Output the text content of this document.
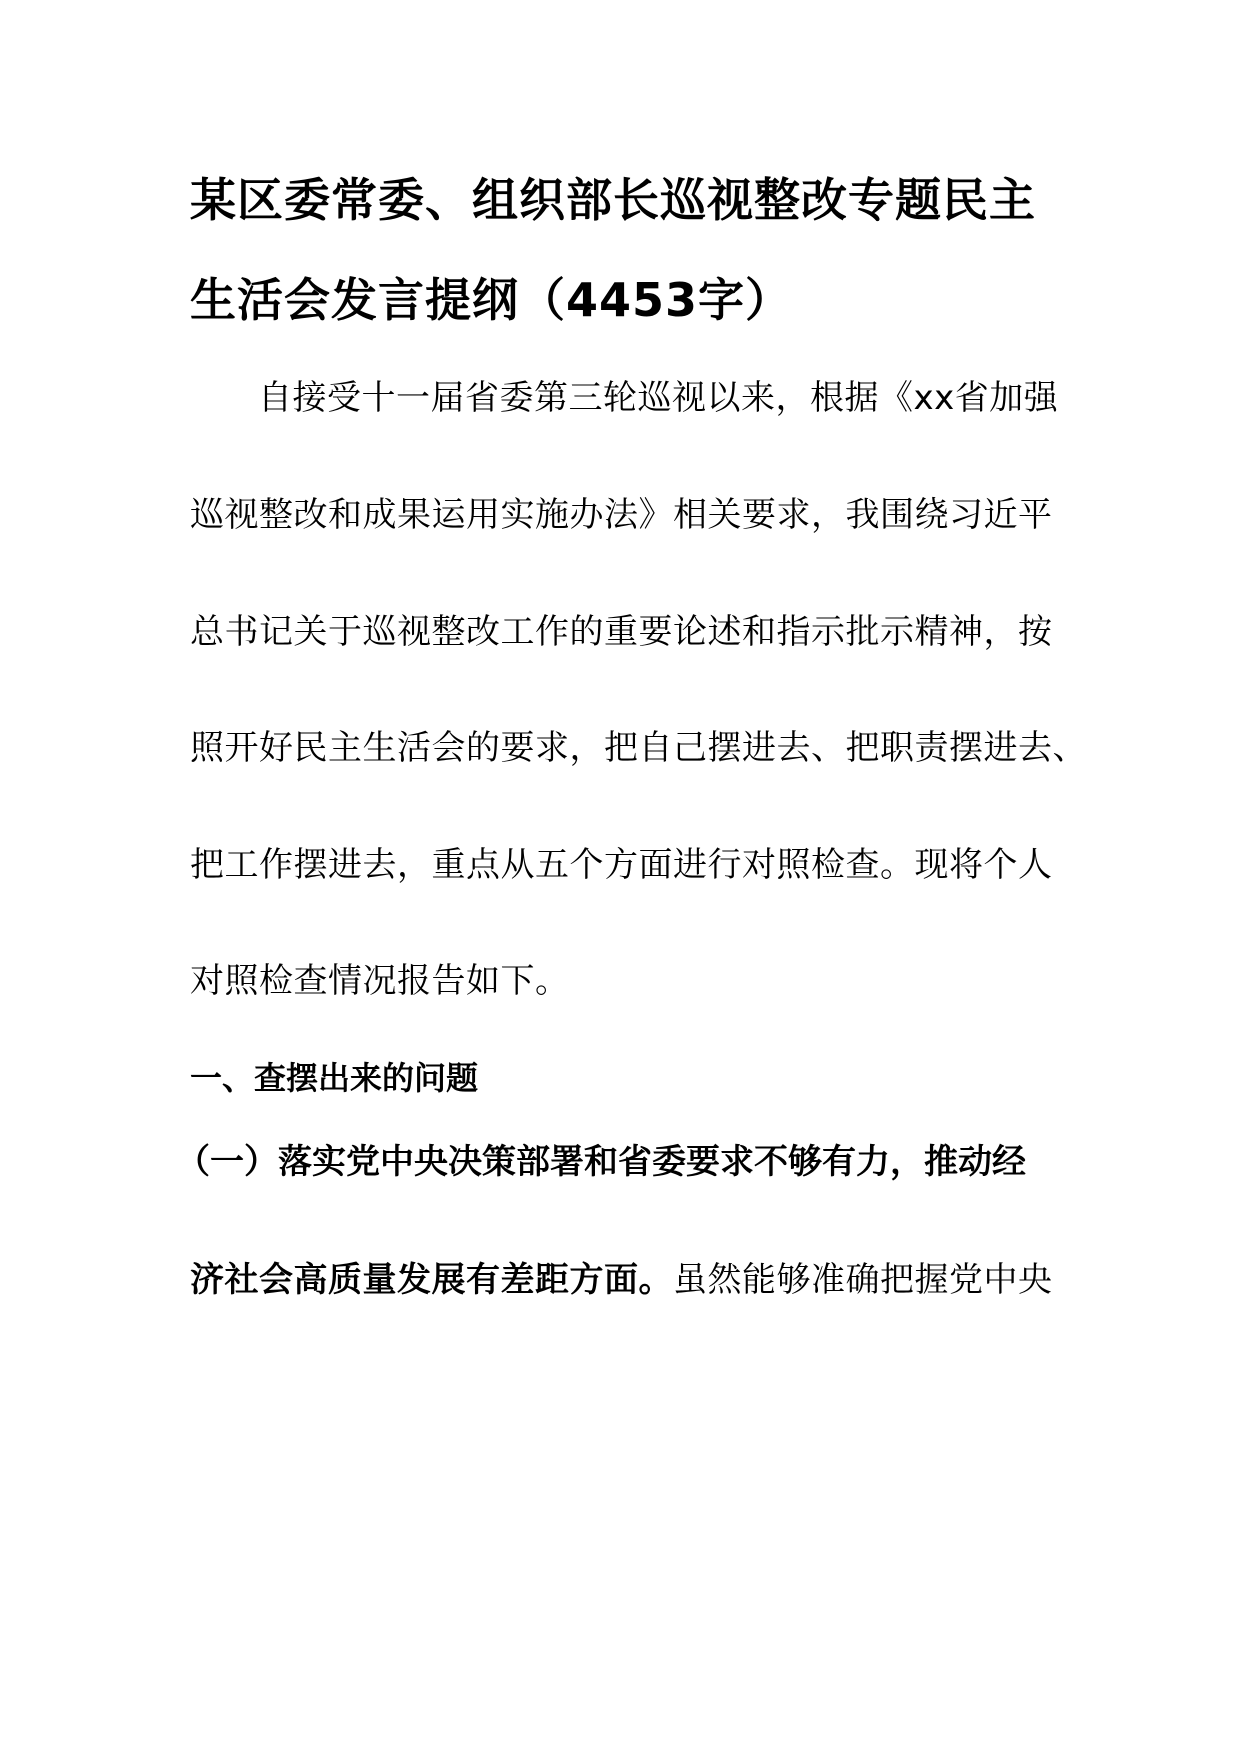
某区委常委、组织部长巡视整改专题民主
生活会发言提纲（4453字）
自接受十一届省委第三轮巡视以来，根据《xx省加强
巡视整改和成果运用实施办法》相关要求，我围绕习近平
总书记关于巡视整改工作的重要论述和指示批示精神，按
照开好民主生活会的要求，把自己摆进去、把职责摆进去、
把工作摆进去，重点从五个方面进行对照检查。现将个人
对照检查情况报告如下。
一、查摆出来的问题
（一）落实党中央决策部署和省委要求不够有力，推动经
济社会高质量发展有差距方面。虽然能够准确把握党中央
